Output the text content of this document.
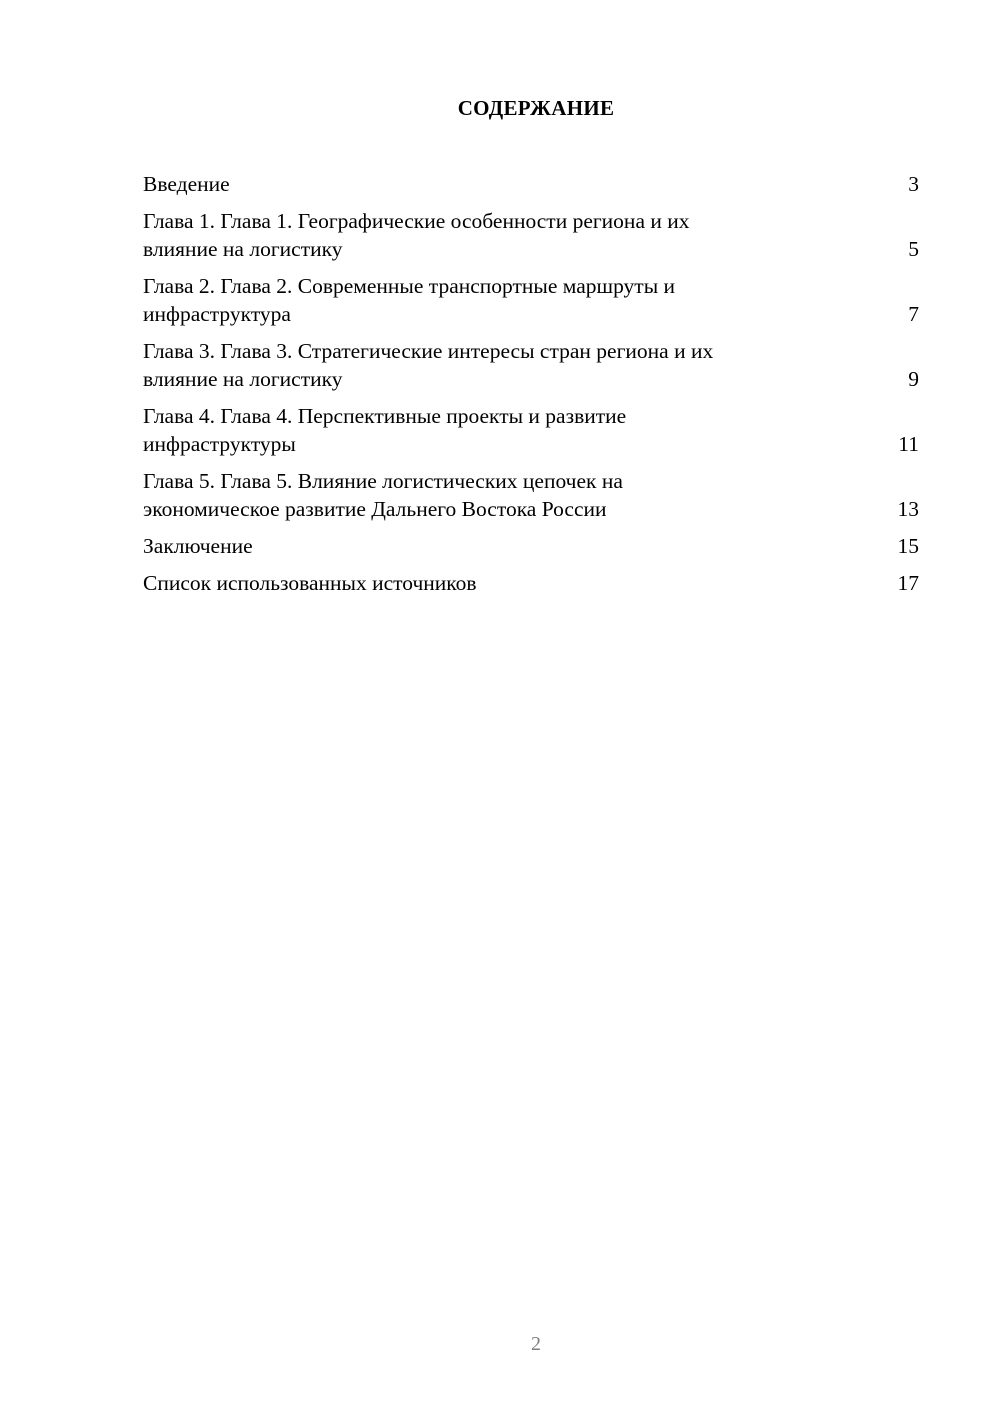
СОДЕРЖАНИЕ
Введение	3
Глава 1. Глава 1. Географические особенности региона и их
влияние на логистику	5
Глава 2. Глава 2. Современные транспортные маршруты и
инфраструктура	7
Глава 3. Глава 3. Стратегические интересы стран региона и их
влияние на логистику	9
Глава 4. Глава 4. Перспективные проекты и развитие
инфраструктуры	11
Глава 5. Глава 5. Влияние логистических цепочек на
экономическое развитие Дальнего Востока России	13
Заключение	15
Список использованных источников	17
2
